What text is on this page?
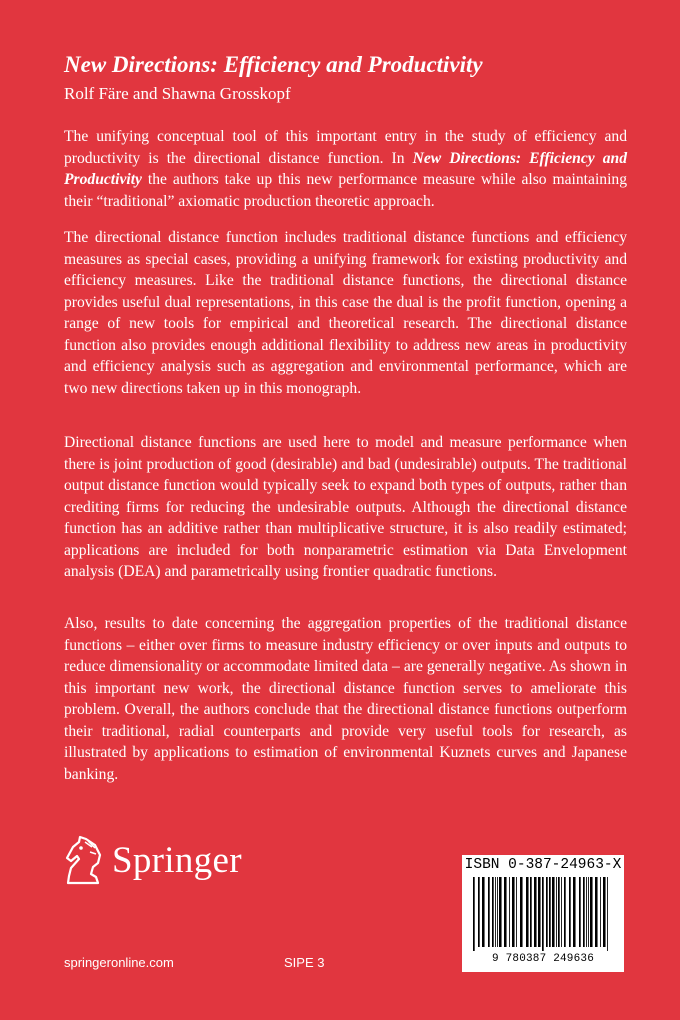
New Directions: Efficiency and Productivity

Rolf Färe and Shawna Grosskopf

The unifying conceptual tool of this important entry in the study of efficiency and productivity is the directional distance function. In New Directions: Efficiency and Productivity the authors take up this new performance measure while also maintaining their “traditional” axiomatic production theoretic approach.

The directional distance function includes traditional distance functions and efficiency measures as special cases, providing a unifying framework for existing productivity and efficiency measures. Like the traditional distance functions, the directional distance provides useful dual representations, in this case the dual is the profit function, opening a range of new tools for empirical and theoretical research. The directional distance function also provides enough additional flexibility to address new areas in productivity and efficiency analysis such as aggregation and environmental performance, which are two new directions taken up in this monograph.

Directional distance functions are used here to model and measure performance when there is joint production of good (desirable) and bad (undesirable) outputs. The traditional output distance function would typically seek to expand both types of outputs, rather than crediting firms for reducing the undesirable outputs. Although the directional distance function has an additive rather than multiplicative structure, it is also readily estimated; applications are included for both nonparametric estimation via Data Envelopment analysis (DEA) and parametrically using frontier quadratic functions.

Also, results to date concerning the aggregation properties of the traditional distance functions – either over firms to measure industry efficiency or over inputs and outputs to reduce dimensionality or accommodate limited data – are generally negative. As shown in this important new work, the directional distance function serves to ameliorate this problem. Overall, the authors conclude that the directional distance functions outperform their traditional, radial counterparts and provide very useful tools for research, as illustrated by applications to estimation of environmental Kuznets curves and Japanese banking.

Springer	ISBN 0-387-24963-X

9 780387 249636

springeronline.com	SIPE 3
